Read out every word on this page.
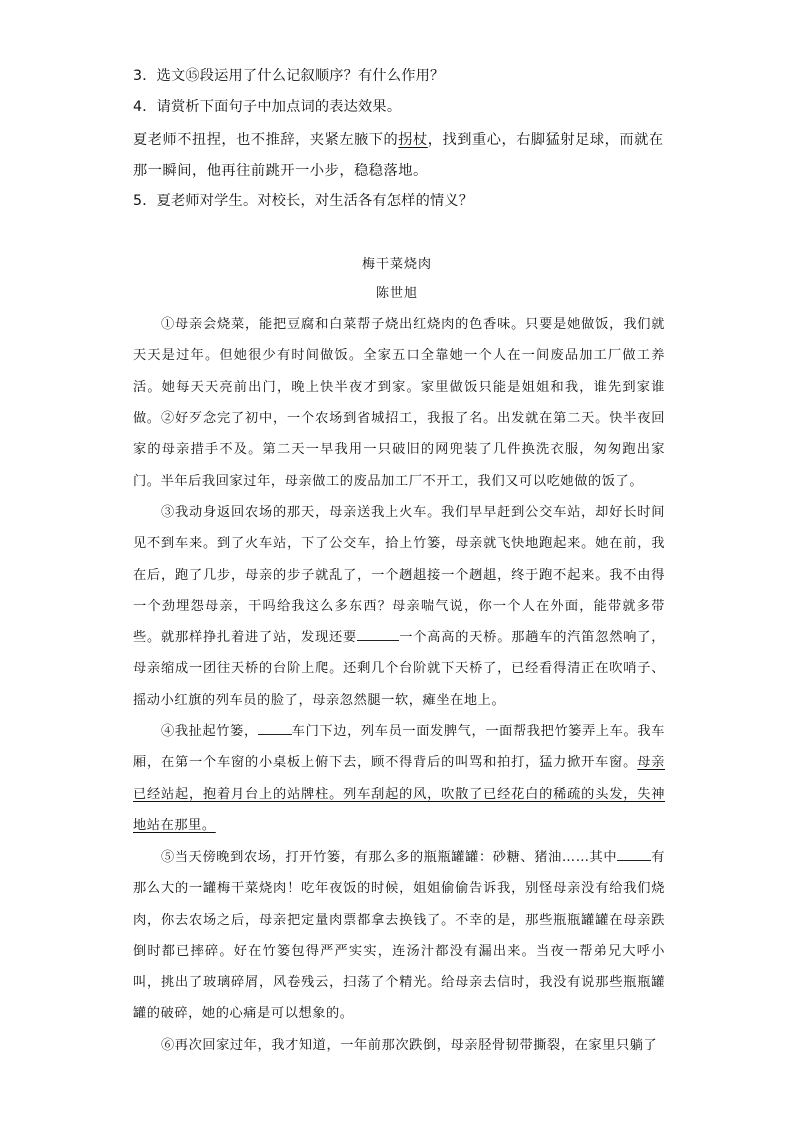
3．选文⑮段运用了什么记叙顺序？有什么作用？
4．请赏析下面句子中加点词的表达效果。
夏老师不扭捏，也不推辞，夹紧左腋下的拐杖，找到重心，右脚猛射足球，而就在那一瞬间，他再往前跳开一小步，稳稳落地。
5．夏老师对学生。对校长，对生活各有怎样的情义？
梅干菜烧肉
陈世旭
①母亲会烧菜，能把豆腐和白菜帮子烧出红烧肉的色香味。只要是她做饭，我们就天天是过年。但她很少有时间做饭。全家五口全靠她一个人在一间废品加工厂做工养活。她每天天亮前出门，晚上快半夜才到家。家里做饭只能是姐姐和我，谁先到家谁做。 ②好歹念完了初中，一个农场到省城招工，我报了名。出发就在第二天。快半夜回家的母亲措手不及。第二天一早我用一只破旧的网兜装了几件换洗衣服，匆匆跑出家门。半年后我回家过年，母亲做工的废品加工厂不开工，我们又可以吃她做的饭了。
③我动身返回农场的那天，母亲送我上火车。我们早早赶到公交车站，却好长时间见不到车来。到了火车站，下了公交车，拾上竹篓，母亲就飞快地跑起来。她在前，我在后，跑了几步，母亲的步子就乱了，一个趔趄接一个趔趄，终于跑不起来。我不由得一个劲埋怨母亲，干吗给我这么多东西？母亲喘气说，你一个人在外面，能带就多带些。就那样挣扎着进了站，发现还要	一个高高的天桥。那趟车的汽笛忽然响了，母亲缩成一团往天桥的台阶上爬。还剩几个台阶就下天桥了，已经看得清正在吹哨子、摇动小红旗的列车员的脸了，母亲忽然腿一软，瘫坐在地上。
④我扯起竹篓，	车门下边，列车员一面发脾气，一面帮我把竹篓弄上车。我车厢，在第一个车窗的小桌板上俯下去，顾不得背后的叫骂和拍打，猛力掀开车窗。母亲已经站起，抱着月台上的站牌柱。列车刮起的风，吹散了已经花白的稀疏的头发，失神地站在那里。
⑤当天傍晚到农场，打开竹篓，有那么多的瓶瓶罐罐：砂糖、猪油……其中	有那么大的一罐梅干菜烧肉！吃年夜饭的时候，姐姐偷偷告诉我，别怪母亲没有给我们烧肉，你去农场之后，母亲把定量肉票都拿去换钱了。不幸的是，那些瓶瓶罐罐在母亲跌倒时都已摔碎。好在竹篓包得严严实实，连汤汁都没有漏出来。当夜一帮弟兄大呼小叫，挑出了玻璃碎屑，风卷残云，扫荡了个精光。给母亲去信时，我没有说那些瓶瓶罐罐的破碎，她的心痛是可以想象的。
⑥再次回家过年，我才知道，一年前那次跌倒，母亲胫骨韧带撕裂，在家里只躺了
